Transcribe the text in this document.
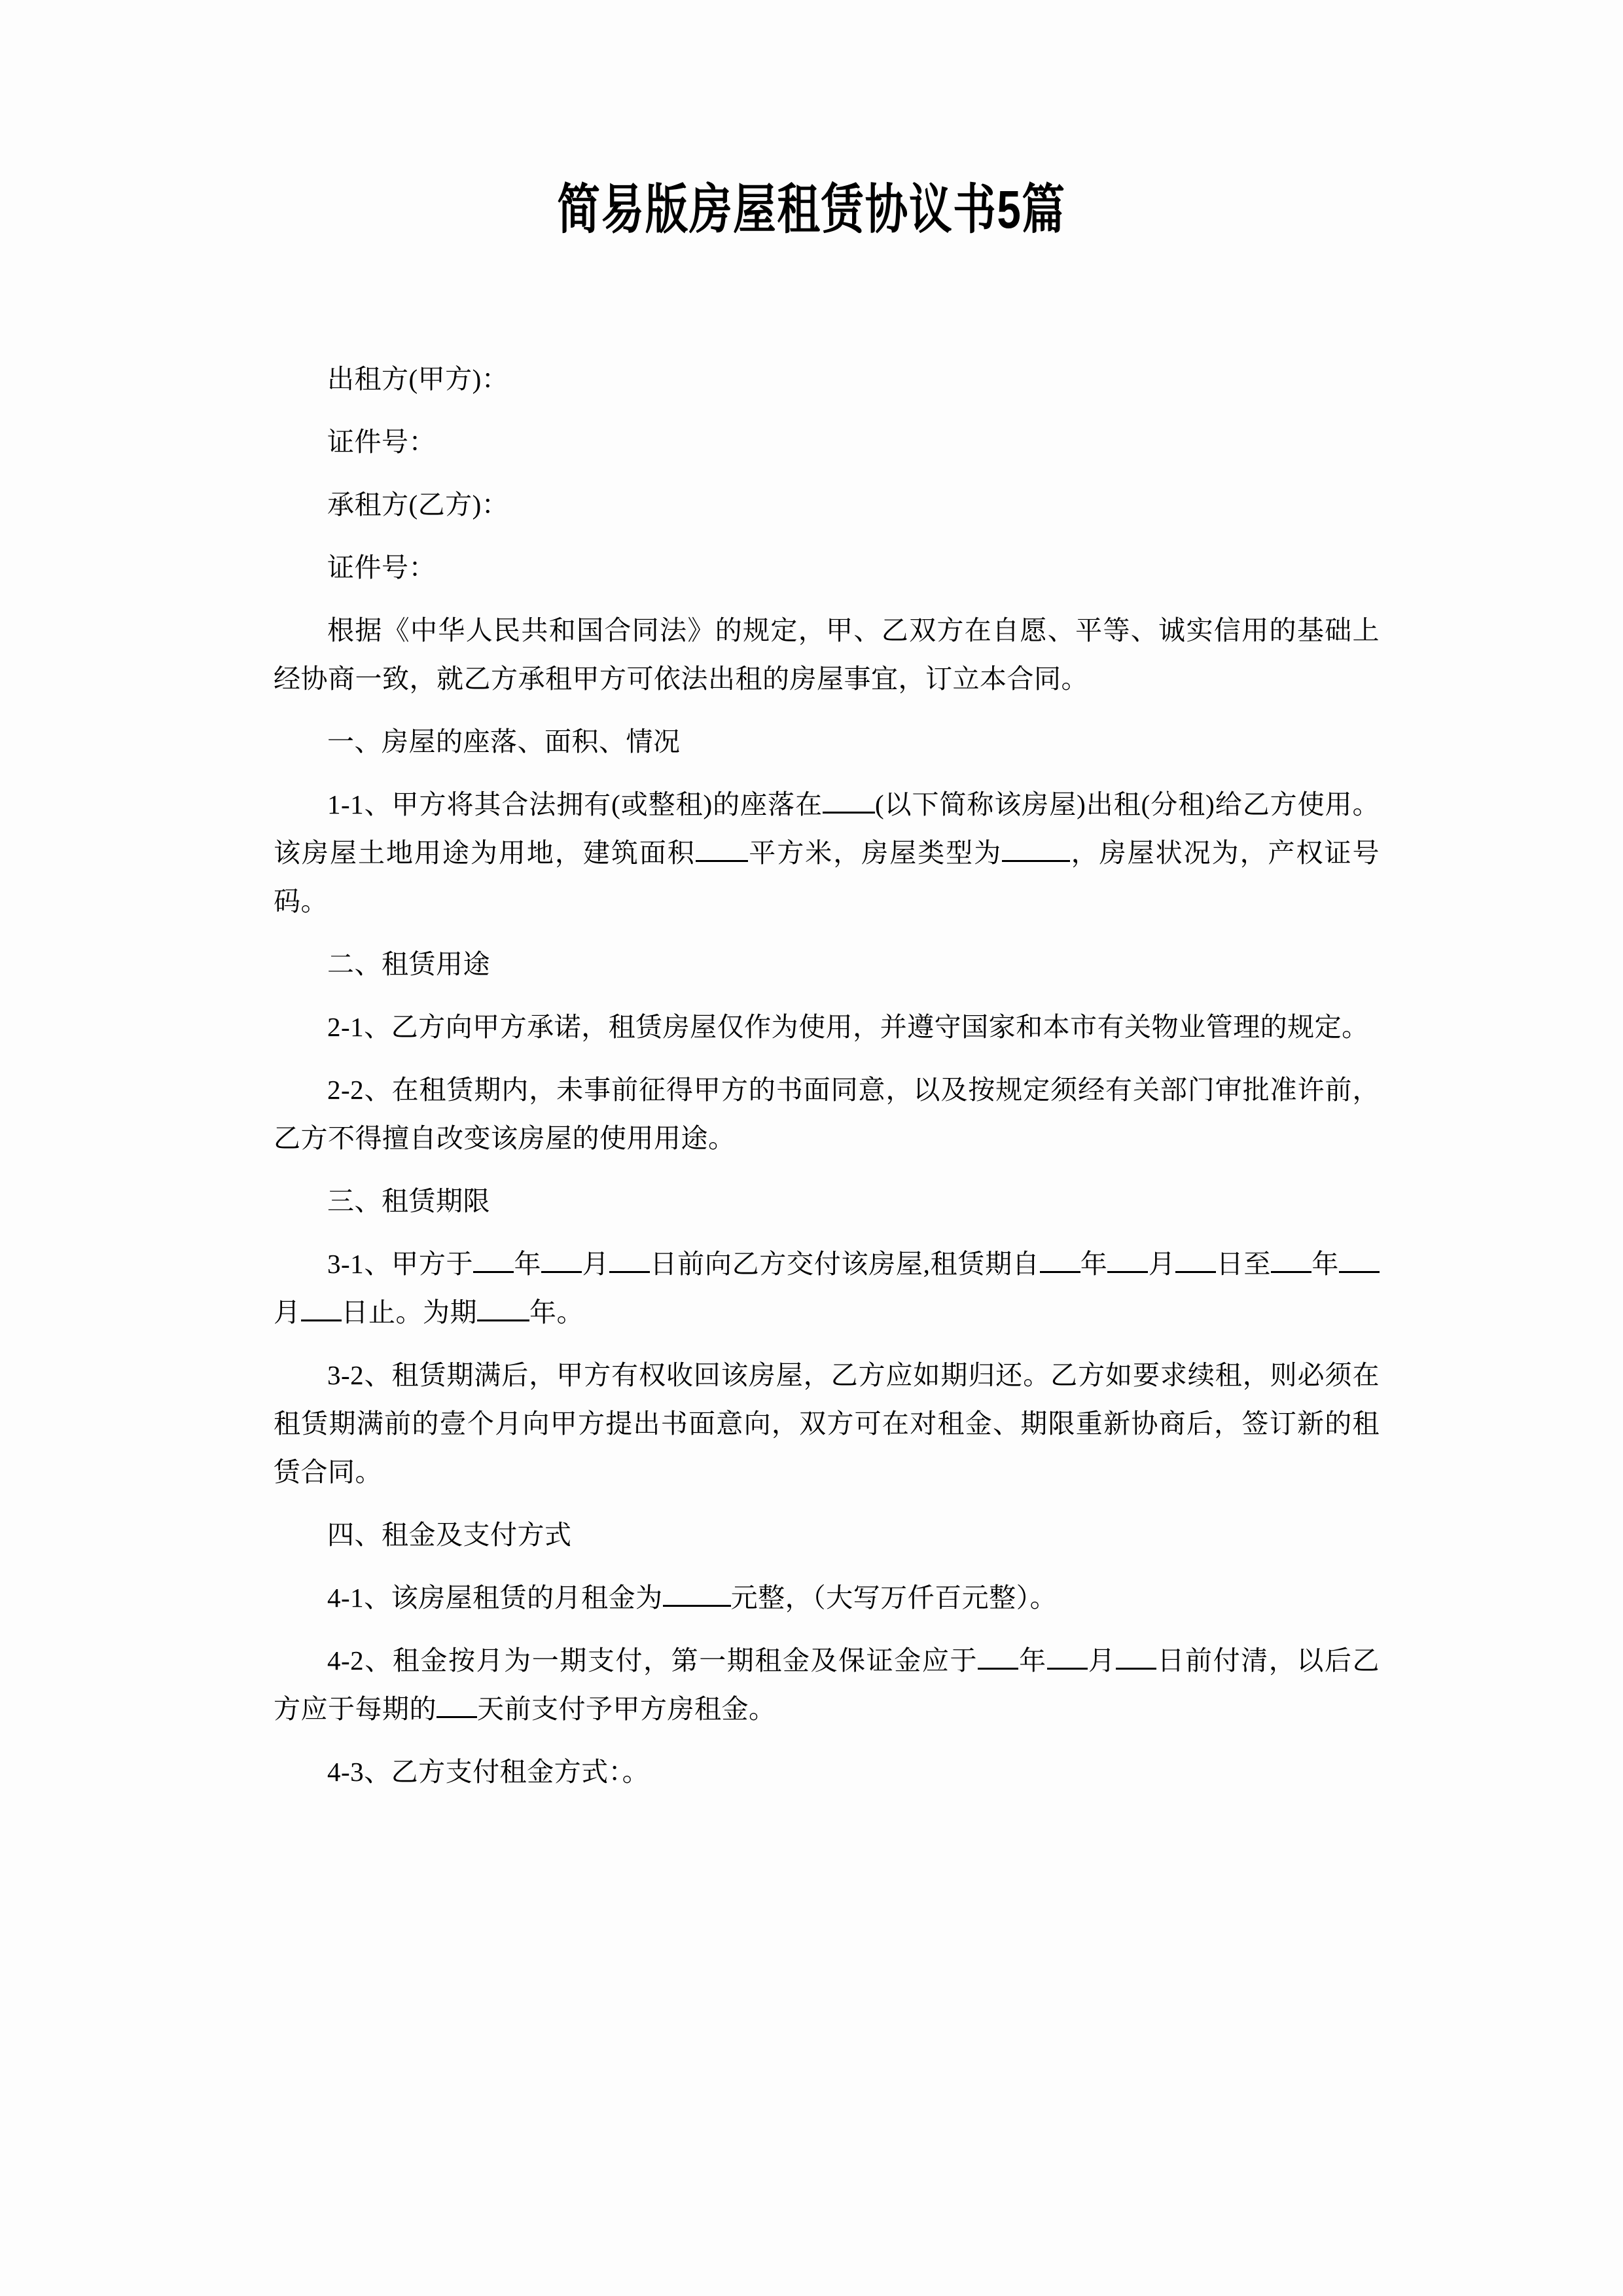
简易版房屋租赁协议书5篇

出租方(甲方)：

证件号：

承租方(乙方)：

证件号：

根据《中华人民共和国合同法》的规定，甲、乙双方在自愿、平等、诚实信用的基础上经协商一致，就乙方承租甲方可依法出租的房屋事宜，订立本合同。

一、房屋的座落、面积、情况

1-1、甲方将其合法拥有(或整租)的座落在 (以下简称该房屋)出租(分租)给乙方使用。该房屋土地用途为用地，建筑面积 平方米，房屋类型为	，房屋状况为，产权证号码。

二、租赁用途

2-1、乙方向甲方承诺，租赁房屋仅作为使用，并遵守国家和本市有关物业管理的规定。

2-2、在租赁期内，未事前征得甲方的书面同意，以及按规定须经有关部门审批准许前，乙方不得擅自改变该房屋的使用用途。

三、租赁期限

3-1、甲方于 年 月 日前向乙方交付该房屋,租赁期自 年 月 日至 年月 日止。为期 年。

3-2、租赁期满后，甲方有权收回该房屋，乙方应如期归还。乙方如要求续租，则必须在租赁期满前的壹个月向甲方提出书面意向，双方可在对租金、期限重新协商后，签订新的租赁合同。

四、租金及支付方式

4-1、该房屋租赁的月租金为	元整，（大写万仟百元整）。

4-2、租金按月为一期支付，第一期租金及保证金应于 年 月 日前付清，以后乙方应于每期的 天前支付予甲方房租金。

4-3、乙方支付租金方式：。
